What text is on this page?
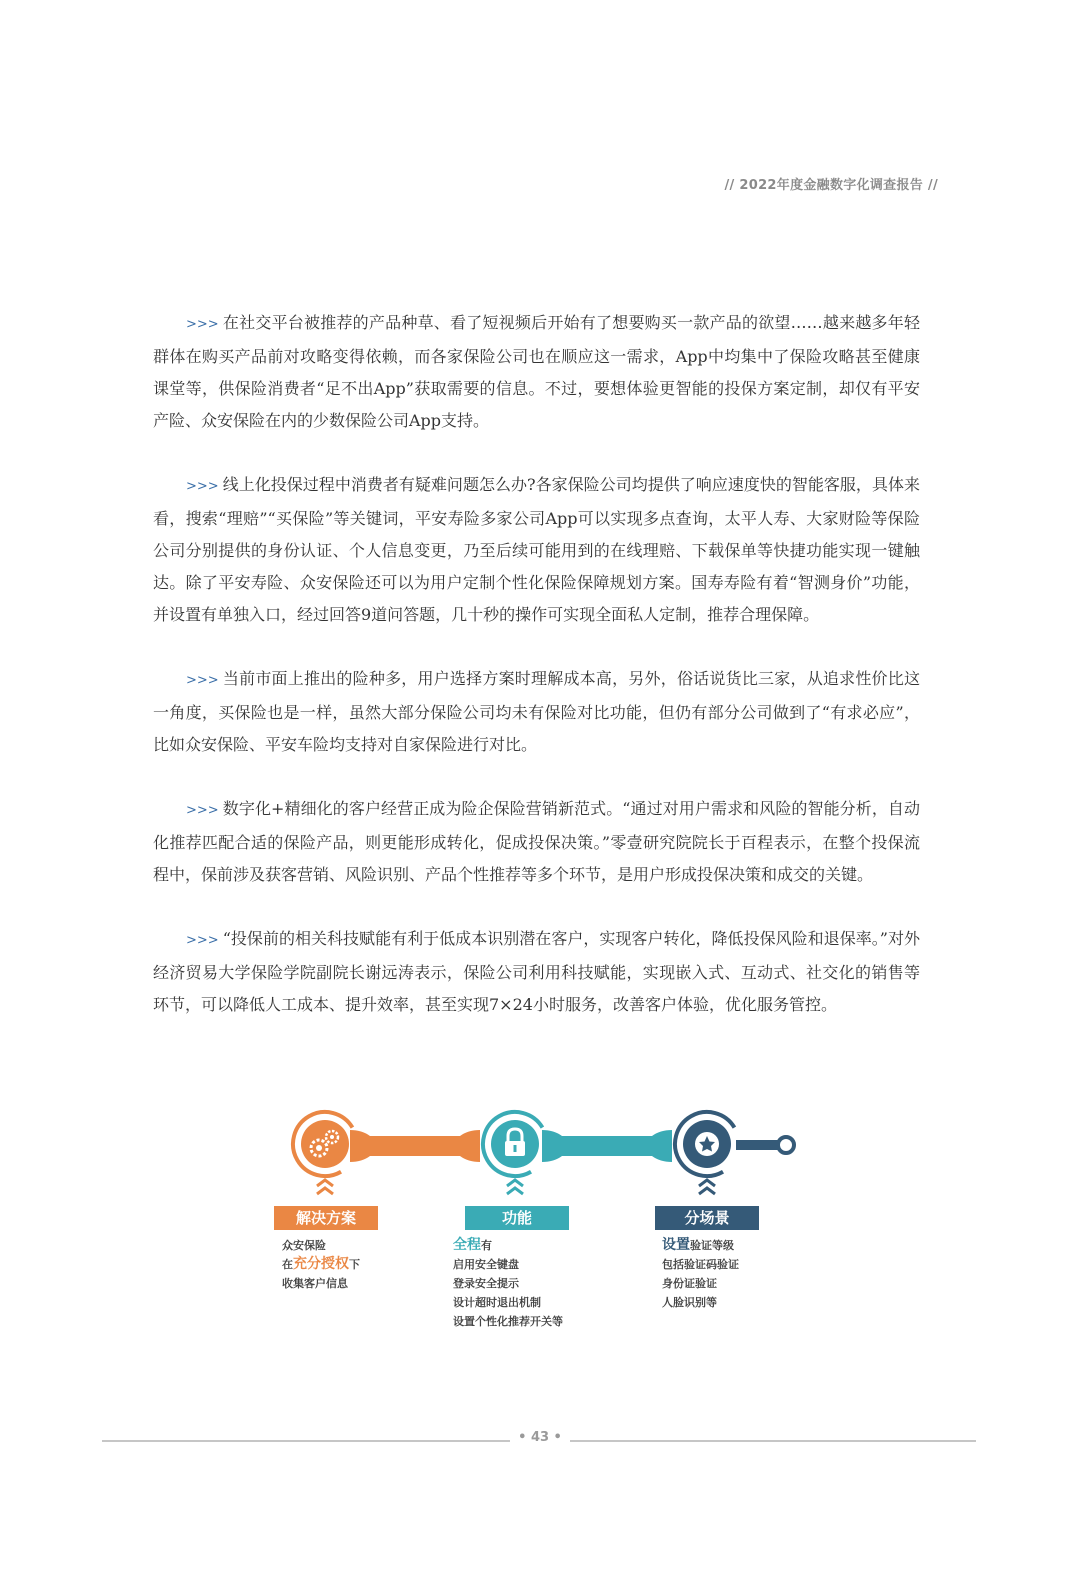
// 2022年度金融数字化调查报告 //

>>> 在社交平台被推荐的产品种草、看了短视频后开始有了想要购买一款产品的欲望……越来越多年轻群体在购买产品前对攻略变得依赖，而各家保险公司也在顺应这一需求，App中均集中了保险攻略甚至健康课堂等，供保险消费者“足不出App”获取需要的信息。不过，要想体验更智能的投保方案定制，却仅有平安产险、众安保险在内的少数保险公司App支持。

>>> 线上化投保过程中消费者有疑难问题怎么办?各家保险公司均提供了响应速度快的智能客服，具体来看，搜索“理赔”“买保险”等关键词，平安寿险多家公司App可以实现多点查询，太平人寿、大家财险等保险公司分别提供的身份认证、个人信息变更，乃至后续可能用到的在线理赔、下载保单等快捷功能实现一键触达。除了平安寿险、众安保险还可以为用户定制个性化保险保障规划方案。国寿寿险有着“智测身价”功能，并设置有单独入口，经过回答9道问答题，几十秒的操作可实现全面私人定制，推荐合理保障。

>>> 当前市面上推出的险种多，用户选择方案时理解成本高，另外，俗话说货比三家，从追求性价比这一角度，买保险也是一样，虽然大部分保险公司均未有保险对比功能，但仍有部分公司做到了“有求必应”，比如众安保险、平安车险均支持对自家保险进行对比。

>>> 数字化+精细化的客户经营正成为险企保险营销新范式。“通过对用户需求和风险的智能分析，自动化推荐匹配合适的保险产品，则更能形成转化，促成投保决策。”零壹研究院院长于百程表示，在整个投保流程中，保前涉及获客营销、风险识别、产品个性推荐等多个环节，是用户形成投保决策和成交的关键。

>>> “投保前的相关科技赋能有利于低成本识别潜在客户，实现客户转化，降低投保风险和退保率。”对外经济贸易大学保险学院副院长谢远涛表示，保险公司利用科技赋能，实现嵌入式、互动式、社交化的销售等环节，可以降低人工成本、提升效率，甚至实现7×24小时服务，改善客户体验，优化服务管控。

解决方案	功能	分场景
众安保险
在充分授权下
收集客户信息
全程有
启用安全键盘
登录安全提示
设计超时退出机制
设置个性化推荐开关等
设置验证等级
包括验证码验证
身份证验证
人脸识别等
• 43 •
